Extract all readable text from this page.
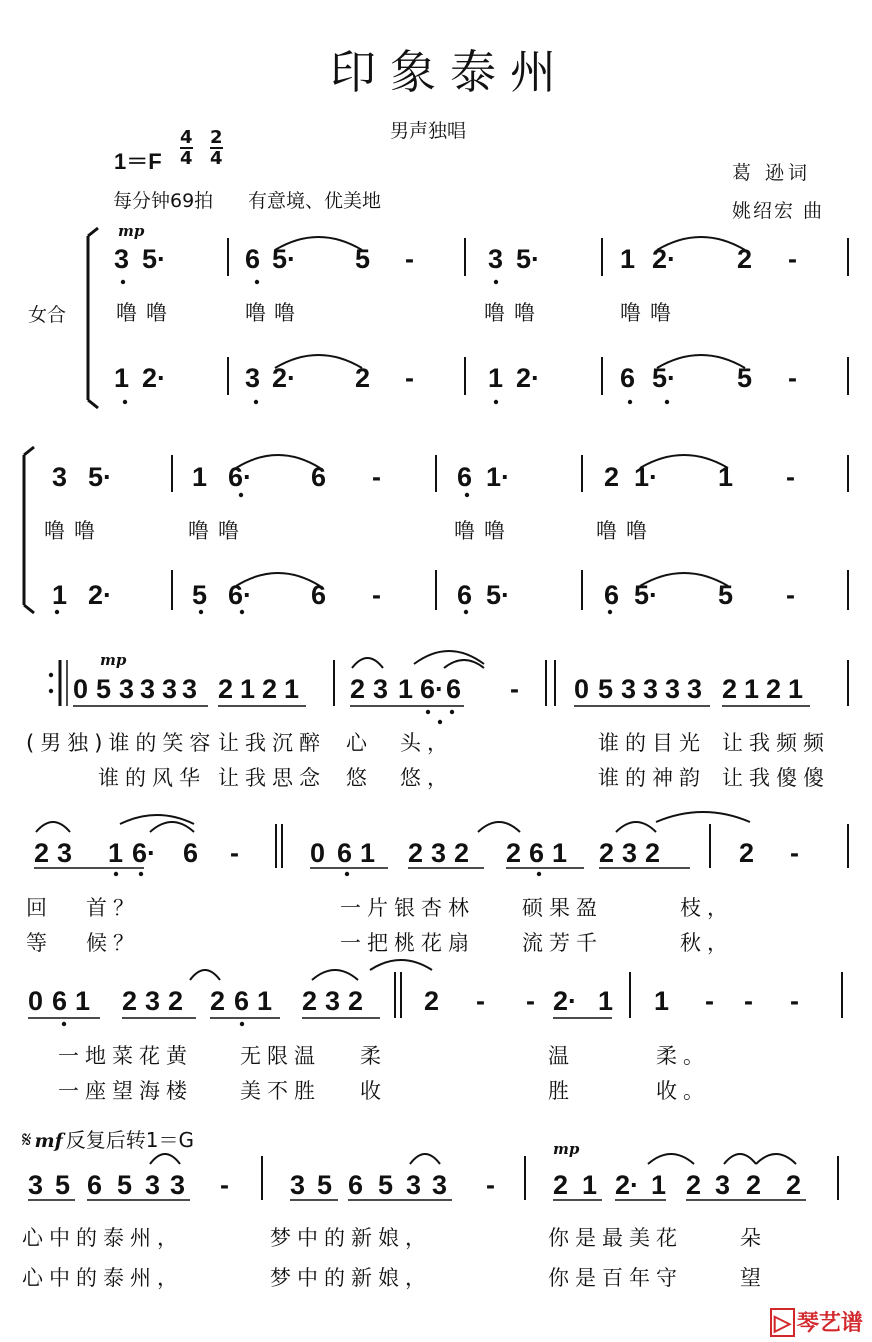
印象泰州
男声独唱
$1=F \frac{4}{4} \frac{2}{4}$
每分钟69拍 有意境、优美地
葛 逊词
姚绍宏 曲
女合
mp
mp
mp
𝄋 mf 反复后转1＝G
▷ 琴艺谱
3 5·	6 5· 5 -	3 5·	1 2· 2 -
1 2·	3 2· 2 -	1 2·	6 5· 5 -
噜 噜	噜 噜	噜 噜	噜 噜
3 5·	1 6· 6 -	6 1·	2 1· 1 -
1 2·	5 6· 6 -	6 5·	6 5· 5 -
噜 噜	噜 噜	噜 噜	噜 噜
0 5 3 3 3 3 2 1 2 1 2 3 1 6· 6 - 0 5 3 3 3 3 2 1 2 1
(男独)谁的笑容 让我沉醉 心 头，	谁的目光 让我频频
谁的风华 让我思念 悠 悠，	谁的神韵 让我傻傻
2 3 1 6· 6 -	0 6 1 2 3 2 2 6 1 2 3 2	2 -
回 首？	一片银杏林 硕果盈	枝，
等 候？	一把桃花扇 流芳千	秋，
0 6 1 2 3 2 2 6 1 2 3 2 2 - - 2· 1 1 - - -
一地菜花黄 无限温 柔	温	柔。
一座望海楼 美不胜 收	胜	收。
3 5 6 5 3 3 - 3 5 6 5 3 3 - 2 1 2· 1 2 3 2 2
心中的泰州，	梦中的新娘，	你是最美花	朵
心中的泰州，	梦中的新娘，	你是百年守	望
